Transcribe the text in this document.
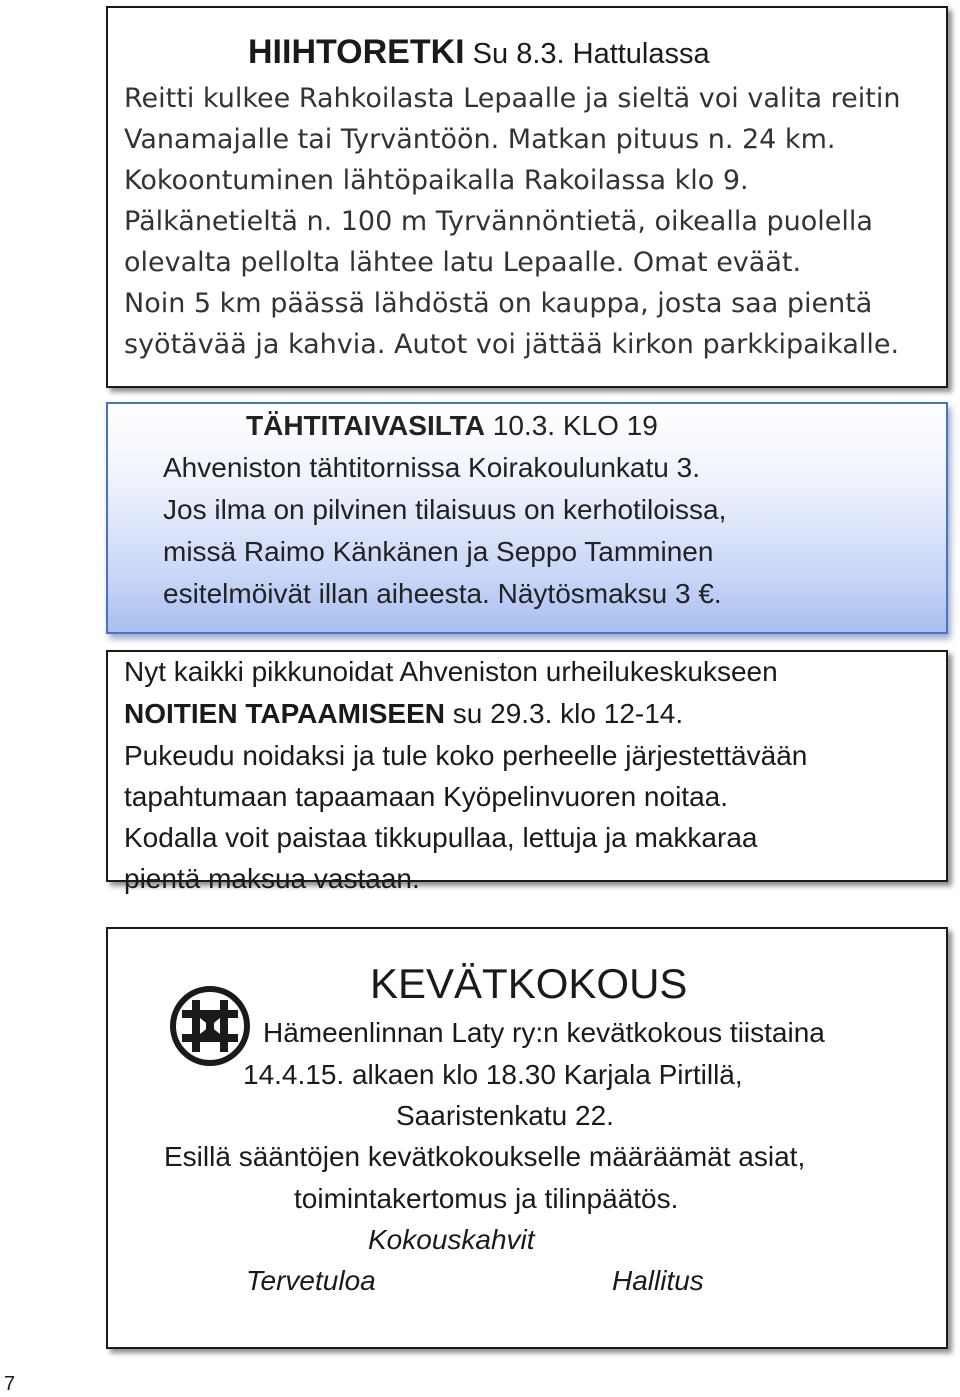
HIIHTORETKI Su 8.3. Hattulassa
Reitti kulkee Rahkoilasta Lepaalle ja sieltä voi valita reitin
Vanamajalle tai Tyrväntöön. Matkan pituus n. 24 km.
Kokoontuminen lähtöpaikalla Rakoilassa klo 9.
Pälkänetieltä n. 100 m Tyrvännöntietä, oikealla puolella
olevalta pellolta lähtee latu Lepaalle. Omat eväät.
Noin 5 km päässä lähdöstä on kauppa, josta saa pientä
syötävää ja kahvia. Autot voi jättää kirkon parkkipaikalle.
TÄHTITAIVASILTA 10.3. KLO 19
Ahveniston tähtitornissa Koirakoulunkatu 3.
Jos ilma on pilvinen tilaisuus on kerhotiloissa,
missä Raimo Känkänen ja Seppo Tamminen
esitelmöivät illan aiheesta. Näytösmaksu 3 €.
Nyt kaikki pikkunoidat Ahveniston urheilukeskukseen
NOITIEN TAPAAMISEEN su 29.3. klo 12-14.
Pukeudu noidaksi ja tule koko perheelle järjestettävään
tapahtumaan tapaamaan Kyöpelinvuoren noitaa.
Kodalla voit paistaa tikkupullaa, lettuja ja makkaraa
pientä maksua vastaan.
KEVÄTKOKOUS
Hämeenlinnan Laty ry:n kevätkokous tiistaina
14.4.15. alkaen klo 18.30 Karjala Pirtillä,
Saaristenkatu 22.
Esillä sääntöjen kevätkokoukselle määräämät asiat,
toimintakertomus ja tilinpäätös.
Kokouskahvit
Tervetuloa	Hallitus
7
